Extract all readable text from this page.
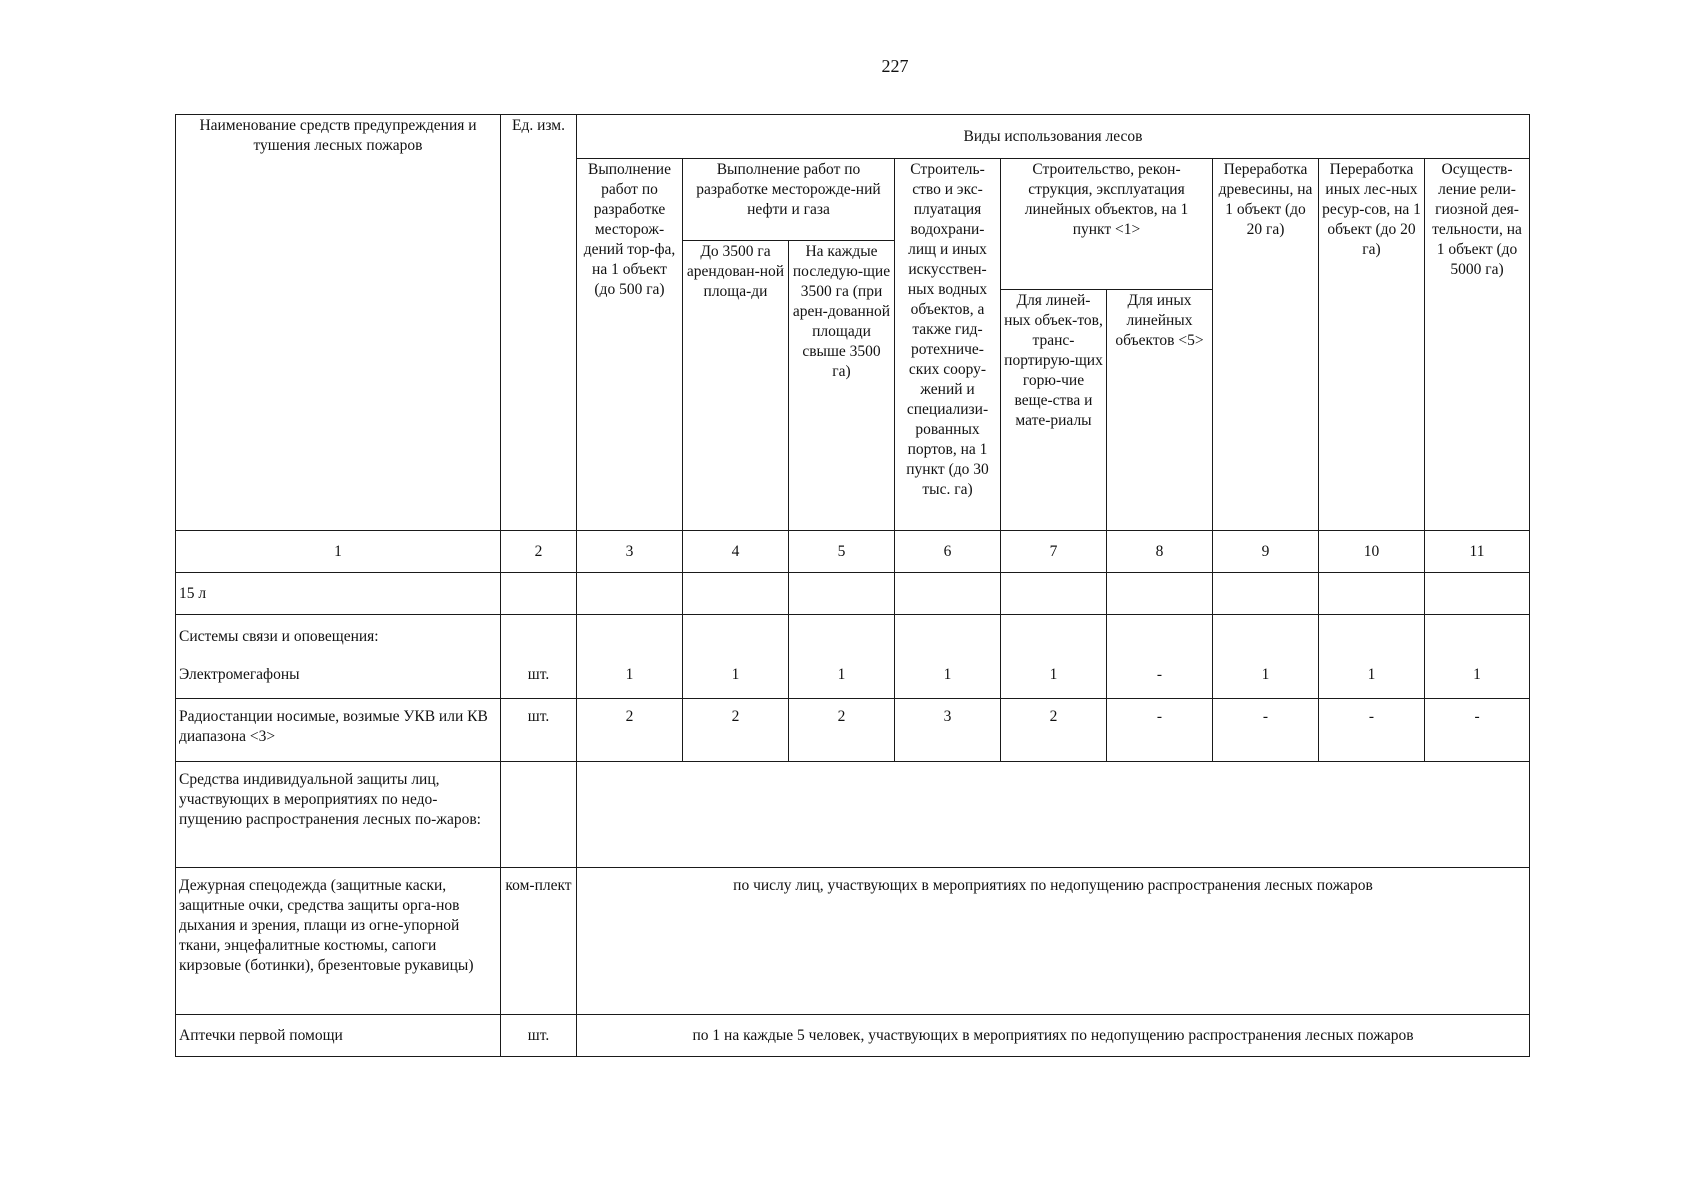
227
Наименование средств предупреждения и тушения лесных пожаров	Ед. изм.	Виды использования лесов								
		Выполнение работ по разработке месторож-дений тор-фа, на 1 объект (до 500 га)	Выполнение работ по разработке месторожде-ний нефти и газа		Строитель-ство и экс-плуатация водохрани-лищ и иных искусствен-ных водных объектов, а также гид-ротехниче-ских соору-жений и специализи-рованных портов, на 1 пункт (до 30 тыс. га)	Строительство, рекон-струкция, эксплуатация линейных объектов, на 1 пункт <1>		Переработка древесины, на 1 объект (до 20 га)	Переработка иных лес-ных ресур-сов, на 1 объект (до 20 га)	Осуществ-ление рели-гиозной дея-тельности, на 1 объект (до 5000 га)
			До 3500 га арендован-ной площа-ди	На каждые последую-щие 3500 га (при арен-дованной площади свыше 3500 га)						
						Для линей-ных объек-тов, транс-портирую-щих горю-чие веще-ства и мате-риалы	Для иных линейных объектов <5>			
1	2	3	4	5	6	7	8	9	10	11
15 л										

Системы связи и оповещения:
Электромегафоны	шт.	1	1	1	1	1	-	1	1	1
Радиостанции носимые, возимые УКВ или КВ диапазона <3>	шт.	2	2	2	3	2	-	-	-	-
Средства индивидуальной защиты лиц, участвующих в мероприятиях по недо-пущению распространения лесных по-жаров:										
Дежурная спецодежда (защитные каски, защитные очки, средства защиты орга-нов дыхания и зрения, плащи из огне-упорной ткани, энцефалитные костюмы, сапоги кирзовые (ботинки), брезентовые рукавицы)	ком-плект	по числу лиц, участвующих в мероприятиях по недопущению распространения лесных пожаров								
Аптечки первой помощи	шт.	по 1 на каждые 5 человек, участвующих в мероприятиях по недопущению распространения лесных пожаров								
